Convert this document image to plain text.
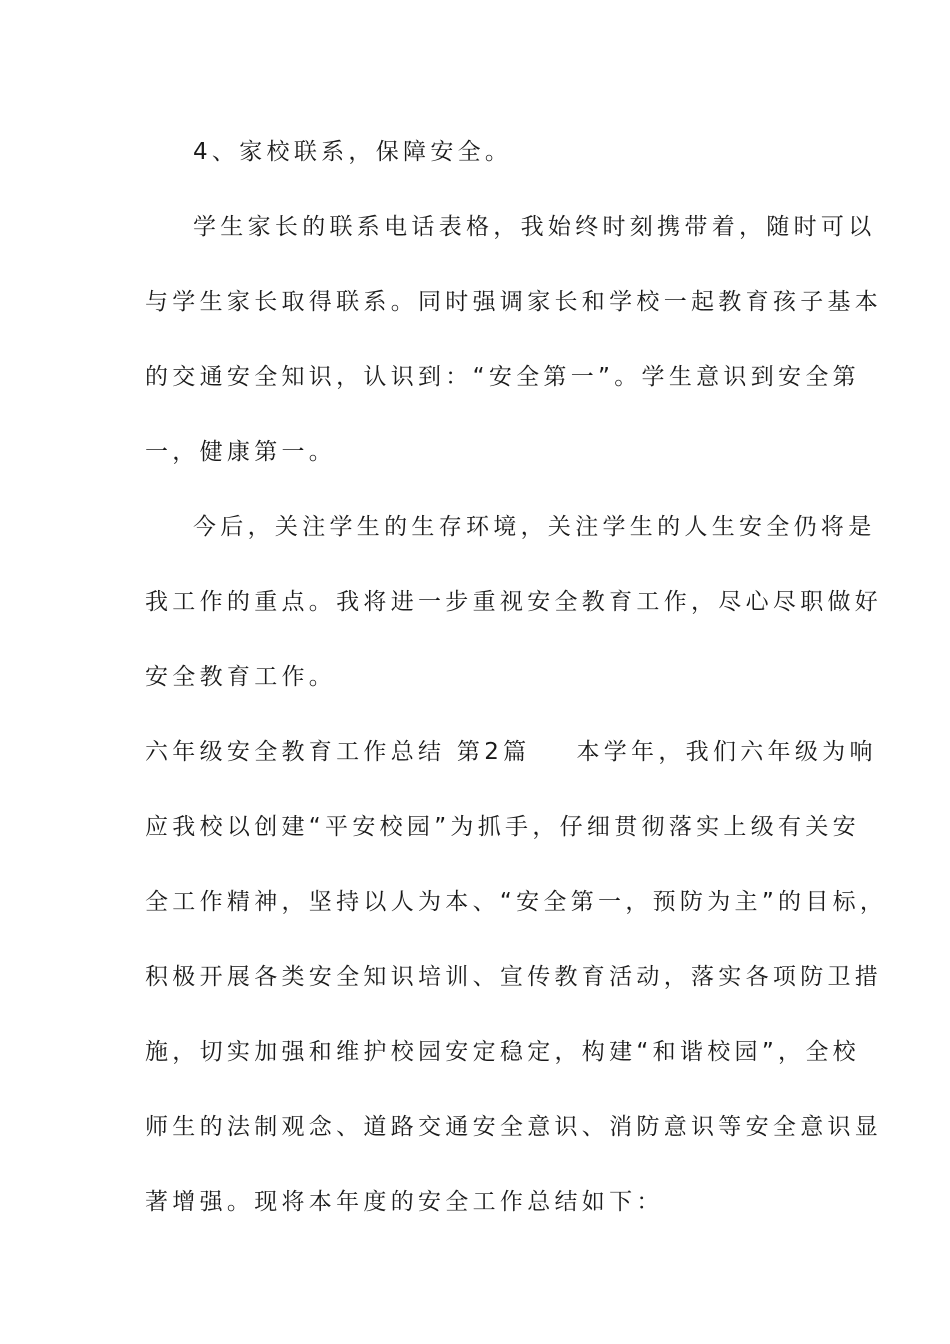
4、家校联系，保障安全。
学生家长的联系电话表格，我始终时刻携带着，随时可以
与学生家长取得联系。同时强调家长和学校一起教育孩子基本
的交通安全知识，认识到：“安全第一”。学生意识到安全第
一，健康第一。
今后，关注学生的生存环境，关注学生的人生安全仍将是
我工作的重点。我将进一步重视安全教育工作，尽心尽职做好
安全教育工作。
六年级安全教育工作总结 第2篇 本学年，我们六年级为响
应我校以创建“平安校园”为抓手，仔细贯彻落实上级有关安
全工作精神，坚持以人为本、“安全第一，预防为主”的目标，
积极开展各类安全知识培训、宣传教育活动，落实各项防卫措
施，切实加强和维护校园安定稳定，构建“和谐校园”，全校
师生的法制观念、道路交通安全意识、消防意识等安全意识显
著增强。现将本年度的安全工作总结如下：
